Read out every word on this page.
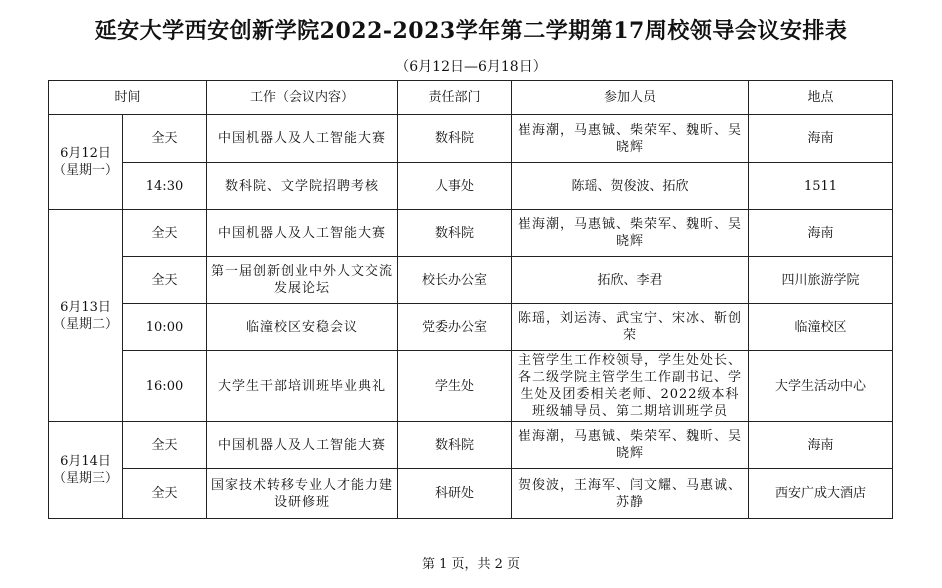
延安大学西安创新学院2022-2023学年第二学期第17周校领导会议安排表
（6月12日—6月18日）
时间		工作（会议内容）	责任部门	参加人员	地点

6月12日
（星期一）	全天	中国机器人及人工智能大赛	数科院	崔海潮，马惠铖、柴荣军、魏昕、吴晓辉	海南
	14:30	数科院、文学院招聘考核	人事处	陈瑶、贺俊波、拓欣	1511

6月13日
（星期二）	全天	中国机器人及人工智能大赛	数科院	崔海潮，马惠铖、柴荣军、魏昕、吴晓辉	海南
	全天	第一届创新创业中外人文交流发展论坛	校长办公室	拓欣、李君	四川旅游学院
	10:00	临潼校区安稳会议	党委办公室	陈瑶，刘运涛、武宝宁、宋冰、靳创荣	临潼校区
	16:00	大学生干部培训班毕业典礼	学生处	主管学生工作校领导，学生处处长、各二级学院主管学生工作副书记、学生处及团委相关老师、2022级本科班级辅导员、第二期培训班学员	大学生活动中心

6月14日
（星期三）	全天	中国机器人及人工智能大赛	数科院	崔海潮，马惠铖、柴荣军、魏昕、吴晓辉	海南
	全天	国家技术转移专业人才能力建设研修班	科研处	贺俊波，王海军、闫文耀、马惠诚、苏静	西安广成大酒店
第 1 页，共 2 页
